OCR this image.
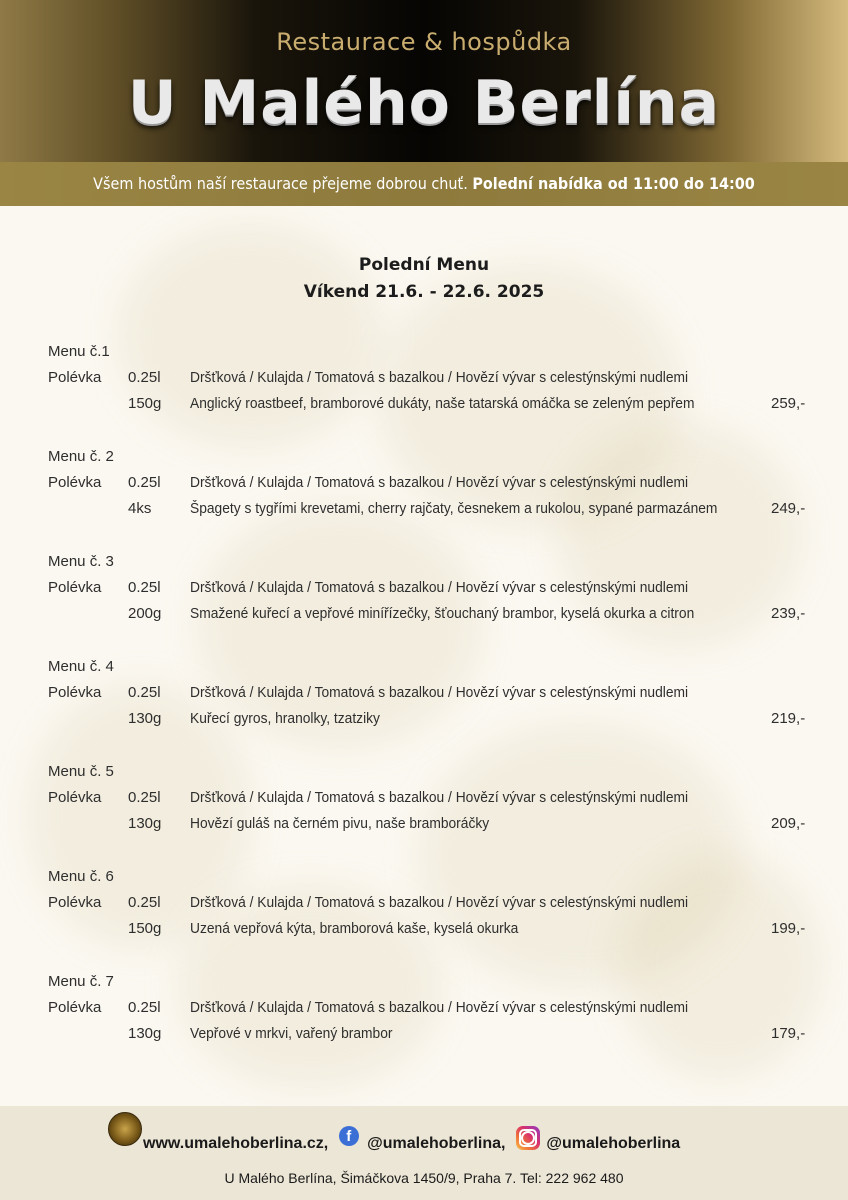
Restaurace & hospůdka
U Malého Berlína
Všem hostům naší restaurace přejeme dobrou chuť. Polední nabídka od 11:00 do 14:00
Polední Menu
Víkend 21.6. - 22.6. 2025
Menu č.1
Polévka 0.25l Dršťková / Kulajda / Tomatová s bazalkou / Hovězí vývar s celestýnskými nudlemi
150g Anglický roastbeef, bramborové dukáty, naše tatarská omáčka se zeleným pepřem	259,-
Menu č. 2
Polévka 0.25l Dršťková / Kulajda / Tomatová s bazalkou / Hovězí vývar s celestýnskými nudlemi
4ks	Špagety s tygřími krevetami, cherry rajčaty, česnekem a rukolou, sypané parmazánem	249,-
Menu č. 3
Polévka 0.25l Dršťková / Kulajda / Tomatová s bazalkou / Hovězí vývar s celestýnskými nudlemi
200g Smažené kuřecí a vepřové minířízečky, šťouchaný brambor, kyselá okurka a citron	239,-
Menu č. 4
Polévka 0.25l Dršťková / Kulajda / Tomatová s bazalkou / Hovězí vývar s celestýnskými nudlemi
130g Kuřecí gyros, hranolky, tzatziky	219,-
Menu č. 5
Polévka 0.25l Dršťková / Kulajda / Tomatová s bazalkou / Hovězí vývar s celestýnskými nudlemi
130g Hovězí guláš na černém pivu, naše bramboráčky	209,-
Menu č. 6
Polévka 0.25l Dršťková / Kulajda / Tomatová s bazalkou / Hovězí vývar s celestýnskými nudlemi
150g Uzená vepřová kýta, bramborová kaše, kyselá okurka	199,-
Menu č. 7
Polévka 0.25l Dršťková / Kulajda / Tomatová s bazalkou / Hovězí vývar s celestýnskými nudlemi
130g Vepřové v mrkvi, vařený brambor	179,-
www.umalehoberlina.cz, f @umalehoberlina,	@umalehoberlina
U Malého Berlína, Šimáčkova 1450/9, Praha 7. Tel: 222 962 480
